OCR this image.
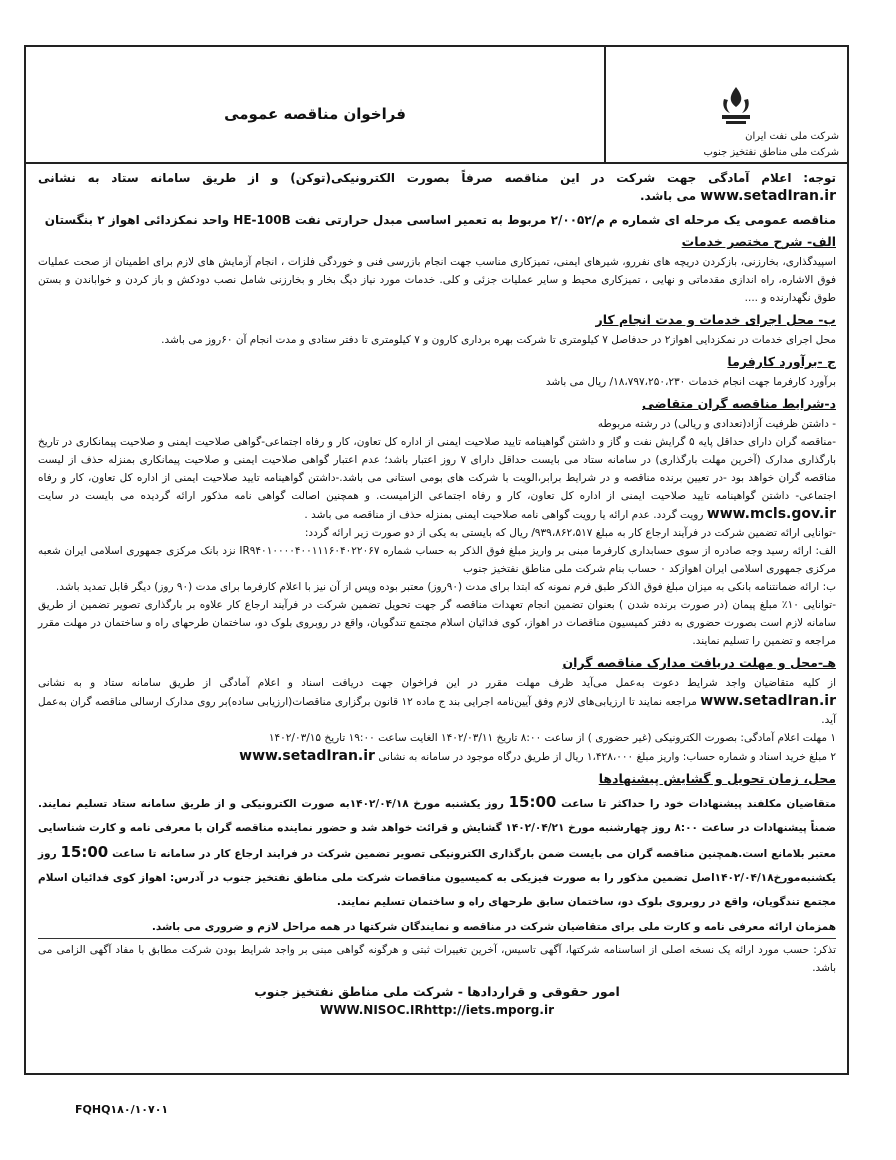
فراخوان مناقصه عمومی
شرکت ملی نفت ایران
شرکت ملی مناطق نفتخیز جنوب

توجه: اعلام آمادگی جهت شرکت در این مناقصه صرفاً بصورت الکترونیکی(توکن) و از طریق سامانه ستاد به نشانی www.setadIran.ir می باشد.

مناقصه عمومی یک مرحله ای شماره م م/۲/۰۰۵۲ مربوط به تعمیر اساسی مبدل حرارتی نفت HE-100B واحد نمکزدائی اهواز ۲ بنگستان

الف- شرح مختصر خدمات

اسپیدگذاری، بخارزنی، بازکردن دریچه های نفررو، شیرهای ایمنی، تمیزکاری مناسب جهت انجام بازرسی فنی و خوردگی فلزات ، انجام آزمایش های لازم برای اطمینان از صحت عملیات فوق الاشاره، راه اندازی مقدماتی و نهایی ، تمیزکاری محیط و سایر عملیات جزئی و کلی. خدمات مورد نیاز دیگ بخار و بخارزنی شامل نصب دودکش و باز کردن و خواباندن و بستن طوق نگهدارنده و ....

ب- محل اجرای خدمات و مدت انجام کار

محل اجرای خدمات در نمکزدایی اهواز۲ در حدفاصل ۷ کیلومتری تا شرکت بهره برداری کارون و ۷ کیلومتری تا دفتر ستادی و مدت انجام آن ۶۰روز می باشد.

ج -برآورد کارفرما

برآورد کارفرما جهت انجام خدمات ۱۸،۷۹۷،۲۵۰،۲۳۰/ ریال می باشد

د-شرایط مناقصه گران متقاضی

- داشتن ظرفیت آزاد(تعدادی و ریالی) در رشته مربوطه

-مناقصه گران دارای حداقل پایه ۵ گرایش نفت و گاز و داشتن گواهینامه تایید صلاحیت ایمنی از اداره کل تعاون، کار و رفاه اجتماعی-گواهی صلاحیت ایمنی و صلاحیت پیمانکاری در تاریخ بارگذاری مدارک (آخرین مهلت بارگذاری) در سامانه ستاد می بایست حداقل دارای ۷ روز اعتبار باشد؛ عدم اعتبار گواهی صلاحیت ایمنی و صلاحیت پیمانکاری بمنزله حذف از لیست مناقصه گران خواهد بود -در تعیین برنده مناقصه و در شرایط برابر،الویت با شرکت های بومی استانی می باشد.-داشتن گواهینامه تایید صلاحیت ایمنی از اداره کل تعاون، کار و رفاه اجتماعی- داشتن گواهینامه تایید صلاحیت ایمنی از اداره کل تعاون، کار و رفاه اجتماعی الزامیست. و همچنین اصالت گواهی نامه مذکور ارائه گردیده می بایست در سایت www.mcls.gov.ir رویت گردد. عدم ارائه یا رویت گواهی نامه صلاحیت ایمنی بمنزله حذف از مناقصه می باشد .

-توانایی ارائه تضمین شرکت در فرآیند ارجاع کار به مبلغ ۹۳۹،۸۶۲،۵۱۷/ ریال که بایستی به یکی از دو صورت زیر ارائه گردد:

الف: ارائه رسید وجه صادره از سوی حسابداری کارفرما مبنی بر واریز مبلغ فوق الذکر به حساب شماره IR۹۴۰۱۰۰۰۰۴۰۰۱۱۱۶۰۴۰۲۲۰۶۷ نزد بانک مرکزی جمهوری اسلامی ایران شعبه مرکزی جمهوری اسلامی ایران اهوازکد ۰ حساب بنام شرکت ملی مناطق نفتخیز جنوب

ب: ارائه ضمانتنامه بانکی به میزان مبلغ فوق الذکر طبق فرم نمونه که ابتدا برای مدت (۹۰روز) معتبر بوده وپس از آن نیز با اعلام کارفرما برای مدت (۹۰ روز) دیگر قابل تمدید باشد.

-توانایی ۱۰٪ مبلغ پیمان (در صورت برنده شدن ) بعنوان تضمین انجام تعهدات مناقصه گر جهت تحویل تضمین شرکت در فرآیند ارجاع کار علاوه بر بارگذاری تصویر تضمین از طریق سامانه لازم است بصورت حضوری به دفتر کمیسیون مناقصات در اهواز، کوی فدائیان اسلام مجتمع تندگویان، واقع در روبروی بلوک دو، ساختمان طرحهای راه و ساختمان در مهلت مقرر مراجعه و تضمین را تسلیم نمایند.

هـ-محل و مهلت دریافت مدارک مناقصه گران

از کلیه متقاضیان واجد شرایط دعوت به‌عمل می‌آید ظرف مهلت مقرر در این فراخوان جهت دریافت اسناد و اعلام آمادگی از طریق سامانه ستاد و به نشانی www.setadIran.ir مراجعه نمایند تا ارزیابی‌های لازم وفق آیین‌نامه اجرایی بند ج ماده ۱۲ قانون برگزاری مناقصات(ارزیابی ساده)بر روی مدارک ارسالی مناقصه گران به‌عمل آید.

۱ مهلت اعلام آمادگی: بصورت الکترونیکی (غیر حضوری ) از ساعت ۸:۰۰ تاریخ ۱۴۰۲/۰۳/۱۱ الغایت ساعت ۱۹:۰۰ تاریخ ۱۴۰۲/۰۳/۱۵

۲ مبلغ خرید اسناد و شماره حساب: واریز مبلغ ۱،۴۲۸،۰۰۰ ریال از طریق درگاه موجود در سامانه به نشانی www.setadIran.ir

محل، زمان تحویل و گشایش پیشنهادها

متقاضیان مکلفند پیشنهادات خود را حداکثر تا ساعت 15:00 روز یکشنبه مورخ ۱۴۰۲/۰۴/۱۸به صورت الکترونیکی و از طریق سامانه ستاد تسلیم نمایند. ضمناً پیشنهادات در ساعت ۸:۰۰ روز چهارشنبه مورخ ۱۴۰۲/۰۴/۲۱ گشایش و قرائت خواهد شد و حضور نماینده مناقصه گران با معرفی نامه و کارت شناسایی معتبر بلامانع است.همچنین مناقصه گران می بایست ضمن بارگذاری الکترونیکی تصویر تضمین شرکت در فرایند ارجاع کار در سامانه تا ساعت 15:00 روز یکشنبه‌مورخ۱۴۰۲/۰۴/۱۸اصل تضمین مذکور را به صورت فیزیکی به کمیسیون مناقصات شرکت ملی مناطق نفتخیز جنوب در آدرس: اهواز کوی فدائیان اسلام مجتمع تندگویان، واقع در روبروی بلوک دو، ساختمان سابق طرحهای راه و ساختمان تسلیم نمایند.

همزمان ارائه معرفی نامه و کارت ملی برای متقاضیان شرکت در مناقصه و نمایندگان شرکتها در همه مراحل لازم و ضروری می باشد.

تذکر: حسب مورد ارائه یک نسخه اصلی از اساسنامه شرکتها، آگهی تاسیس، آخرین تغییرات ثبتی و هرگونه گواهی مبنی بر واجد شرایط بودن شرکت مطابق با مفاد آگهی الزامی می باشد.

امور حقوقی و قراردادها - شرکت ملی مناطق نفتخیز جنوب

WWW.NISOC.IRhttp://iets.mporg.ir

FQHQ۱۸۰/۱۰۷۰۱
